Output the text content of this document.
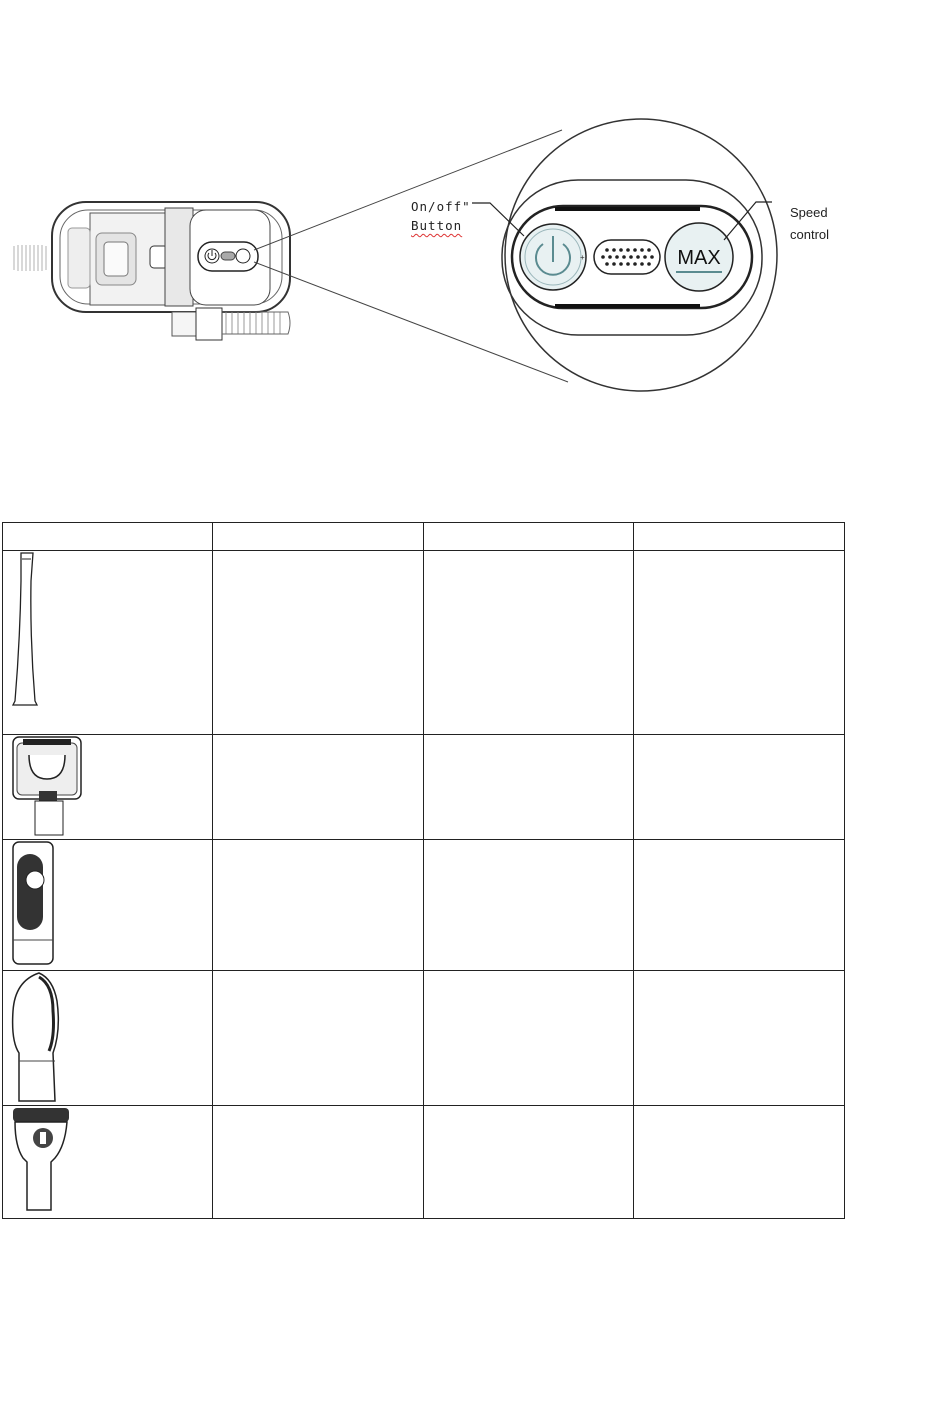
+	MAX
On/off"
Button
Speed
control
